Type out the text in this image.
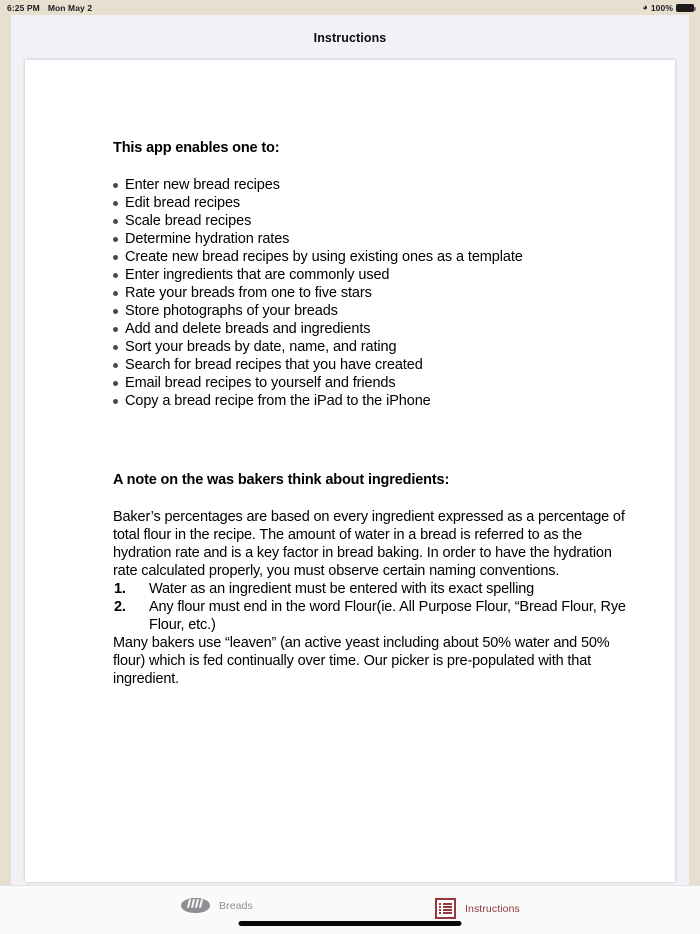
6:25 PM Mon May 2	◕ 100%
Instructions
This app enables one to:
Enter new bread recipes
Edit bread recipes
Scale bread recipes
Determine hydration rates
Create new bread recipes by using existing ones as a template
Enter ingredients that are commonly used
Rate your breads from one to five stars
Store photographs of your breads
Add and delete breads and ingredients
Sort your breads by date, name, and rating
Search for bread recipes that you have created
Email bread recipes to yourself and friends
Copy a bread recipe from the iPad to the iPhone
A note on the was bakers think about ingredients:

Baker’s percentages are based on every ingredient expressed as a percentage of total flour in the recipe. The amount of water in a bread is referred to as the hydration rate and is a key factor in bread baking. In order to have the hydration rate calculated properly, you must observe certain naming conventions.

1. Water as an ingredient must be entered with its exact spelling
2. Any flour must end in the word Flour(ie. All Purpose Flour, “Bread Flour, Rye Flour, etc.)

Many bakers use “leaven” (an active yeast including about 50% water and 50% flour) which is fed continually over time. Our picker is pre-populated with that ingredient.

Breads	Instructions
